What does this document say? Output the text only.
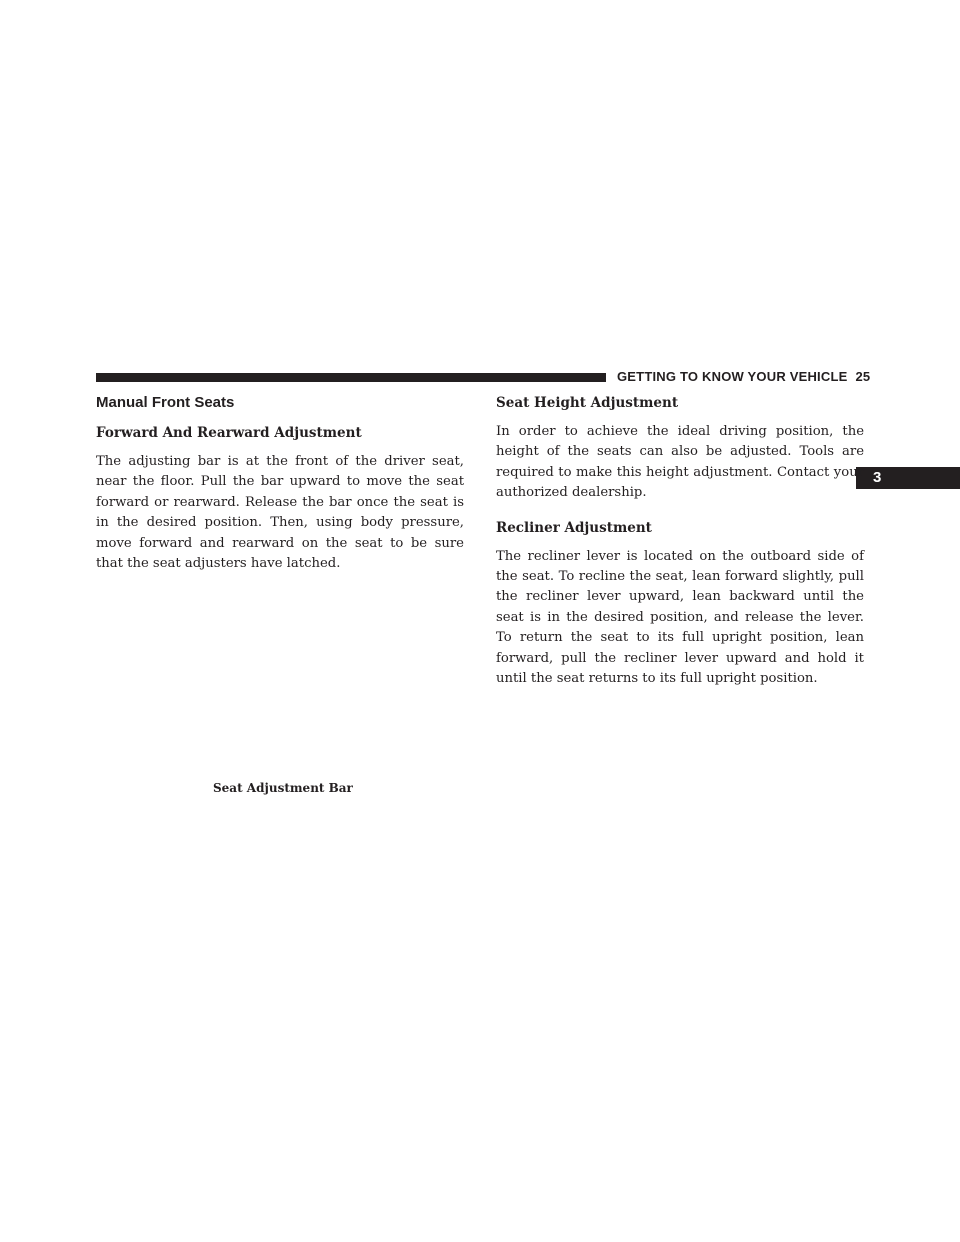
GETTING TO KNOW YOUR VEHICLE 25
3
Manual Front Seats
Forward And Rearward Adjustment

The adjusting bar is at the front of the driver seat, near the floor. Pull the bar upward to move the seat forward or rearward. Release the bar once the seat is in the desired position. Then, using body pressure, move forward and rearward on the seat to be sure that the seat adjusters have latched.

Seat Adjustment Bar
Seat Height Adjustment

In order to achieve the ideal driving position, the height of the seats can also be adjusted. Tools are required to make this height adjustment. Contact your authorized dealership.

Recliner Adjustment

The recliner lever is located on the outboard side of the seat. To recline the seat, lean forward slightly, pull the recliner lever upward, lean backward until the seat is in the desired position, and release the lever. To return the seat to its full upright position, lean forward, pull the recliner lever upward and hold it until the seat returns to its full upright position.
